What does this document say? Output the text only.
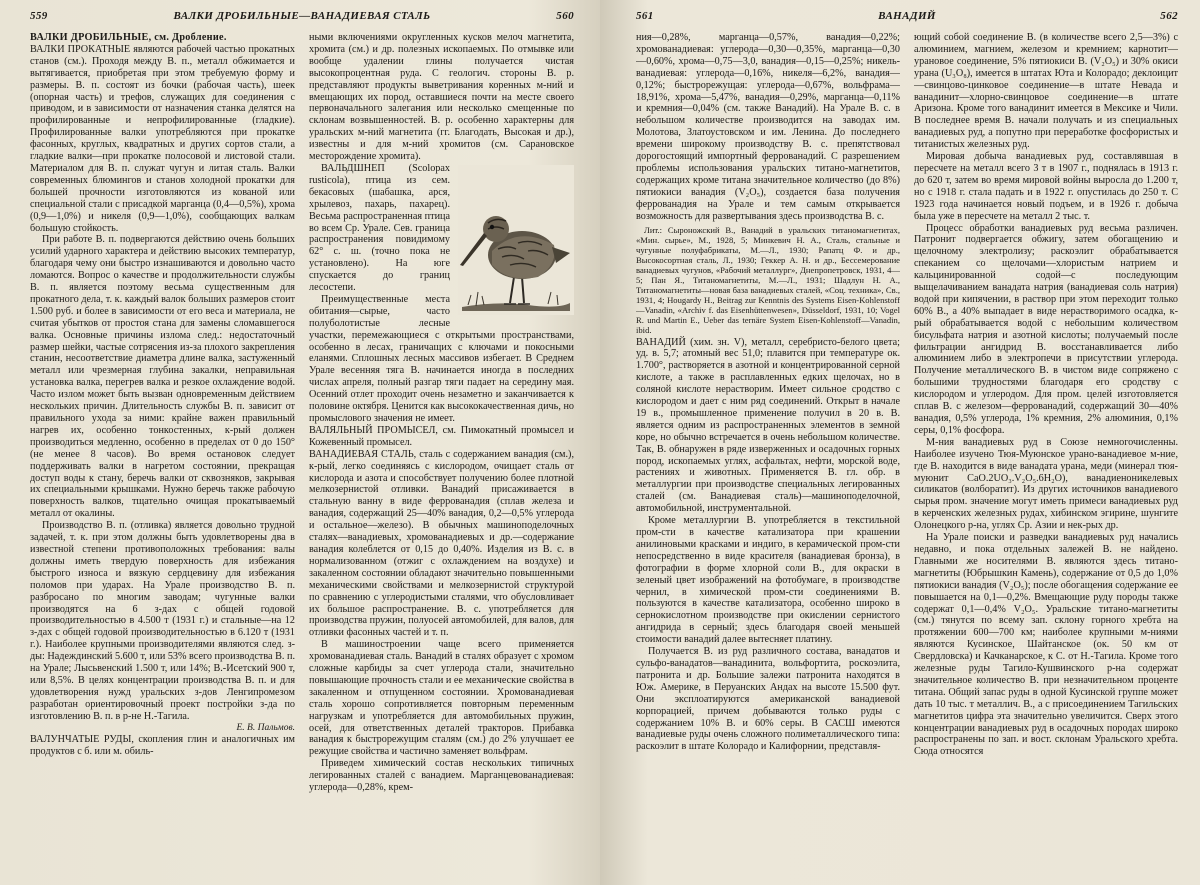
559	ВАЛКИ ДРОБИЛЬНЫЕ—ВАНАДИЕВАЯ СТАЛЬ	560

ВАЛКИ ДРОБИЛЬНЫЕ, см. Дробление.

ВАЛКИ ПРОКАТНЫЕ являются рабочей частью прокатных станов (см.). Проходя между В. п., металл обжимается и вытягивается, приобретая при этом требуемую форму и размеры. В. п. состоят из бочки (рабочая часть), шеек (опорная часть) и трефов, служащих для соединения с приводом, и в зависимости от назначения станка делятся на профилированные и непрофилированные (гладкие). Профилированные валки употребляются при прокатке фасонных, круглых, квадратных и других сортов стали, а гладкие валки—при прокатке полосовой и листовой стали. Материалом для В. п. служат чугун и литая сталь. Валки современных блюмингов и станов холодной прокатки для большей прочности изготовляются из кованой или специальной стали с присадкой марганца (0,4—0,5%), хрома (0,9—1,0%) и никеля (0,9—1,0%), сообщающих валкам большую стойкость.

При работе В. п. подвергаются действию очень больших усилий ударного характера и действию высоких температур, благодаря чему они быстро изнашиваются и довольно часто ломаются. Вопрос о качестве и продолжительности службы В. п. является поэтому весьма существенным для прокатного дела, т. к. каждый валок больших размеров стоит 1.500 руб. и более в зависимости от его веса и материала, не считая убытков от простоя стана для замены сломавшегося валка. Основные причины излома след.: недостаточный размер шейки, частые сотрясения из-за плохого закрепления станин, несоответствие диаметра длине валка, застуженный металл или чрезмерная глубина закалки, неправильная установка валка, перегрев валка и резкое охлаждение водой. Часто излом может быть вызван одновременным действием нескольких причин. Длительность службы В. п. зависит от правильного ухода за ними: крайне важен правильный нагрев их, особенно тонкостенных, к-рый должен производиться медленно, особенно в пределах от 0 до 150° (не менее 8 часов). Во время остановок следует поддерживать валки в нагретом состоянии, прекращая доступ воды к стану, беречь валки от сквозняков, закрывая их специальными крышками. Нужно беречь также рабочую поверхность валков, тщательно очищая прокатываемый металл от окалины.

Производство В. п. (отливка) является довольно трудной задачей, т. к. при этом должны быть удовлетворены два в известной степени противоположных требования: валы должны иметь твердую поверхность для избежания быстрого износа и вязкую сердцевину для избежания поломов при ударах. На Урале производство В. п. разбросано по многим заводам; чугунные валки производятся на 6 з-дах с общей годовой производительностью в 4.500 т (1931 г.) и стальные—на 12 з-дах с общей годовой производительностью в 6.120 т (1931 г.). Наиболее крупными производителями являются след. з-ды: Надеждинский 5.600 т, или 53% всего производства В. п. на Урале; Лысьвенский 1.500 т, или 14%; В.-Исетский 900 т, или 8,5%. В целях концентрации производства В. п. и для удовлетворения нужд уральских з-дов Ленгипромезом разработан ориентировочный проект постройки з-да по изготовлению В. п. в р-не Н.-Тагила.

Е. В. Пальмов.

ВАЛУНЧАТЫЕ РУДЫ, скопления глин и аналогичных им продуктов с б. или м. обиль-

ными включениями округленных кусков мелоч магнетита, хромита (см.) и др. полезных ископаемых. По отмывке или вообще удалении глины получается чистая высокопроцентная руда. С геологич. стороны В. р. представляют продукты выветривания коренных м-ний и вмещающих их пород, оставшиеся почти на месте своего первоначального залегания или несколько смещенные по склонам возвышенностей. В. р. особенно характерны для уральских м-ний магнетита (гг. Благодать, Высокая и др.), известны и для м-ний хромитов (см. Сарановское месторождение хромита).

ВАЛЬДШНЕП (Scolopax rusticola), птица из сем. бекасовых (шабашка, арся, хрылевоз, пахарь, пахарец). Весьма распространенная птица во всем Ср. Урале. Сев. граница распространения повидимому 62° с. ш. (точно пока не установлено). На юге спускается до границ лесостепи.

Преимущественные места обитания—сырые, часто полуболотистые лесные участки, перемежающиеся с открытыми пространствами, особенно в лесах, граничащих с ключами и покосными еланями. Сплошных лесных массивов избегает. В Среднем Урале весенняя тяга В. начинается иногда в последних числах апреля, полный разгар тяги падает на середину мая. Осенний отлет проходит очень незаметно и заканчивается к половине октября. Ценится как высококачественная дичь, но промыслового значения не имеет.

ВАЛЯЛЬНЫЙ ПРОМЫСЕЛ, см. Пимокатный промысел и Кожевенный промысел.

ВАНАДИЕВАЯ СТАЛЬ, сталь с содержанием ванадия (см.), к-рый, легко соединяясь с кислородом, очищает сталь от кислорода и азота и способствует получению более плотной мелкозернистой отливки. Ванадий присаживается в стальную ванну в виде феррованадия (сплав железа и ванадия, содержащий 25—40% ванадия, 0,2—0,5% углерода и остальное—железо). В обычных машиноподелочных сталях—ванадиевых, хромованадиевых и др.—содержание ванадия колеблется от 0,15 до 0,40%. Изделия из В. с. в нормализованном (отжиг с охлаждением на воздухе) и закаленном состоянии обладают значительно повышенными механическими свойствами и мелкозернистой структурой по сравнению с углеродистыми сталями, что обусловливает их большое распространение. В. с. употребляется для производства пружин, полуосей автомобилей, для валов, для отливки фасонных частей и т. п.

В машиностроении чаще всего применяется хромованадиевая сталь. Ванадий в сталях образует с хромом сложные карбиды за счет углерода стали, значительно повышающие прочность стали и ее механические свойства в закаленном и отпущенном состоянии. Хромованадиевая сталь хорошо сопротивляется повторным переменным нагрузкам и употребляется для автомобильных пружин, осей, для ответственных деталей тракторов. Прибавка ванадия к быстрорежущим сталям (см.) до 2% улучшает ее режущие свойства и частично заменяет вольфрам.

Приведем химический состав нескольких типичных легированных сталей с ванадием. Марганцевованадиевая: углерода—0,28%, крем-

561	ВАНАДИЙ	562

ния—0,28%, марганца—0,57%, ванадия—0,22%; хромованадиевая: углерода—0,30—0,35%, марганца—0,30—0,60%, хрома—0,75—3,0, ванадия—0,15—0,25%; никель-ванадиевая: углерода—0,16%, никеля—6,2%, ванадия—0,12%; быстрорежущая: углерода—0,67%, вольфрама—18,91%, хрома—5,47%, ванадия—0,29%, марганца—0,11% и кремния—0,04% (см. также Ванадий). На Урале В. с. в небольшом количестве производится на заводах им. Молотова, Златоустовском и им. Ленина. До последнего времени широкому производству В. с. препятствовал дорогостоящий импортный феррованадий. С разрешением проблемы использования уральских титано-магнетитов, содержащих кроме титана значительное количество (до 8%) пятиокиси ванадия (V₂O₅), создается база получения феррованадия на Урале и тем самым открывается возможность для развертывания здесь производства В. с.

Лит.: Сыроножский В., Ванадий в уральских титаномагнетитах, «Мин. сырье», М., 1928, 5; Минкевич Н. А., Сталь, стальные и чугунные полуфабрикаты, М.—Л., 1930; Рапатц Ф. и др., Высокосортная сталь, Л., 1930; Геккер А. Н. и др., Бессемерование ванадиевых чугунов, «Рабочий металлург», Днепропетровск, 1931, 4—5; Пан Я., Титаномагнетиты, М.—Л., 1931; Шадлун Н. А., Титаномагнетиты—новая база ванадиевых сталей, «Соц. техника», Св., 1931, 4; Hougardy H., Beitrag zur Kenntnis des Systems Eisen-Kohlenstoff—Vanadin, «Archiv f. das Eisenhüttenwesen», Düsseldorf, 1931, 10; Vogel R. und Martin E., Ueber das ternäre System Eisen-Kohlenstoff—Vanadin, ibid.

ВАНАДИЙ (хим. зн. V), металл, серебристо-белого цвета; уд. в. 5,7; атомный вес 51,0; плавится при температуре ок. 1.700°, растворяется в азотной и концентрированной серной кислоте, а также в расплавленных едких щелочах, но в соляной кислоте нерастворим. Имеет сильное сродство с кислородом и дает с ним ряд соединений. Открыт в начале 19 в., промышленное применение получил в 20 в. В. является одним из распространенных элементов в земной коре, но обычно встречается в очень небольшом количестве. Так, В. обнаружен в ряде изверженных и осадочных горных пород, ископаемых углях, асфальтах, нефти, морской воде, растениях и животных. Применяется В. гл. обр. в металлургии при производстве специальных легированных сталей (см. Ванадиевая сталь)—машиноподелочной, автомобильной, инструментальной.

Кроме металлургии В. употребляется в текстильной пром-сти в качестве катализатора при крашении анилиновыми красками и индиго, в керамической пром-сти непосредственно в виде красителя (ванадиевая бронза), в фотографии в форме хлорной соли В., для окраски в зеленый цвет изображений на фотобумаге, в производстве чернил, в химической пром-сти соединениями В. пользуются в качестве катализатора, особенно широко в сернокислотном производстве при окислении сернистого ангидрида в серный; здесь благодаря своей меньшей стоимости ванадий далее вытесняет платину.

Получается В. из руд различного состава, ванадатов и сульфо-ванадатов—ванадинита, вольфортита, роскоэлита, патронита и др. Большие залежи патронита находятся в Юж. Америке, в Перуанских Андах на высоте 15.500 фут. Они эксплоатируются американской ванадиевой корпорацией, причем добываются только руды с содержанием 10% В. и 60% серы. В САСШ имеются ванадиевые руды очень сложного полиметаллического типа: раскоэлит в штате Колорадо и Калифорнии, представля-

ющий собой соединение В. (в количестве всего 2,5—3%) с алюминием, магнием, железом и кремнием; карнотит—урановое соединение, 5% пятиокиси В. (V₂O₅) и 30% окиси урана (U₃O₈), имеется в штатах Юта и Колорадо; деклоицит—свинцово-цинковое соединение—в штате Невада и ванадинит—хлорно-свинцовое соединение—в штате Аризона. Кроме того ванадинит имеется в Мексике и Чили. В последнее время В. начали получать и из специальных ванадиевых руд, а попутно при переработке фосфористых и титанистых железных руд.

Мировая добыча ванадиевых руд, составлявшая в пересчете на металл всего 3 т в 1907 г., поднялась в 1913 г. до 620 т, затем во время мировой войны выросла до 1.200 т, но с 1918 г. стала падать и в 1922 г. опустилась до 250 т. С 1923 года начинается новый подъем, и в 1926 г. добыча была уже в пересчете на металл 2 тыс. т.

Процесс обработки ванадиевых руд весьма различен. Патронит подвергается обжигу, затем обогащению и щелочному электролизу; раскоэлит обрабатывается спеканием со щелочами—хлористым натрием и кальцинированной содой—с последующим выщелачиванием ванадата натрия (ванадиевая соль натрия) водой при кипячении, в раствор при этом переходит только 60% В., а 40% выпадает в виде нерастворимого осадка, к-рый обрабатывается водой с небольшим количеством бисульфата натрия и азотной кислоты; получаемый после фильтрации ангидрид В. восстанавливается либо алюминием либо в электропечи в присутствии углерода. Получение металлического В. в чистом виде сопряжено с большими трудностями благодаря его сродству с кислородом и углеродом. Для пром. целей изготовляется сплав В. с железом—феррованадий, содержащий 30—40% ванадия, 0,5% углерода, 1% кремния, 2% алюминия, 0,1% серы, 0,1% фосфора.

М-ния ванадиевых руд в Союзе немногочисленны. Наиболее изучено Тюя-Муюнское урано-ванадиевое м-ние, где В. находится в виде ванадата урана, меди (минерал тюя-муюнит CaO.2UO₃.V₂O₅.6H₂O), ванадиеноникелевых силикатов (волборатит). Из других источников ванадиевого сырья пром. значение могут иметь примеси ванадиевых руд в керченских железных рудах, хибинском эгирине, шунгите Олонецкого р-на, углях Ср. Азии и нек-рых др.

На Урале поиски и разведки ванадиевых руд начались недавно, и пока отдельных залежей В. не найдено. Главными же носителями В. являются здесь титано-магнетиты (Юбрышкин Камень), содержание от 0,5 до 1,0% пятиокиси ванадия (V₂O₅); после обогащения содержание ее повышается на 0,1—0,2%. Вмещающие руду породы также содержат 0,1—0,4% V₂O₅. Уральские титано-магнетиты (см.) тянутся по всему зап. склону горного хребта на протяжении 600—700 км; наиболее крупными м-ниями являются Кусинское, Шайтанское (ок. 50 км от Свердловска) и Качканарское, к С. от Н.-Тагила. Кроме того железные руды Тагило-Кушвинского р-на содержат значительное количество В. при незначительном проценте титана. Общий запас руды в одной Кусинской группе может дать 10 тыс. т металлич. В., а с присоединением Тагильских магнетитов цифра эта значительно увеличится. Сверх этого концентрации ванадиевых руд в осадочных породах широко распространены по зап. и вост. склонам Уральского хребта. Сюда относятся
